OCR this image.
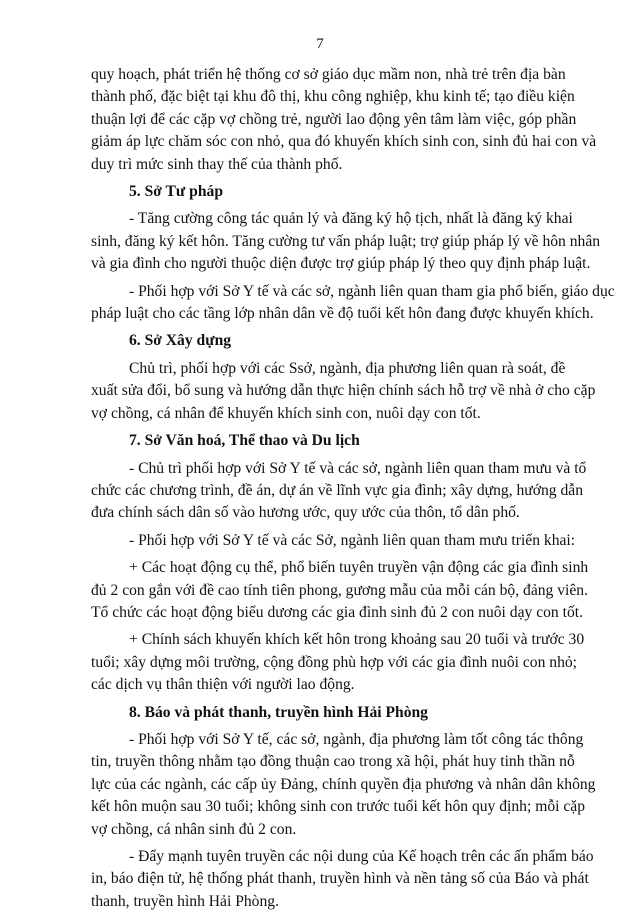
7
quy hoạch, phát triển hệ thống cơ sở giáo dục mầm non, nhà trẻ trên địa bàn
thành phố, đặc biệt tại khu đô thị, khu công nghiệp, khu kinh tế; tạo điều kiện
thuận lợi để các cặp vợ chồng trẻ, người lao động yên tâm làm việc, góp phần
giảm áp lực chăm sóc con nhỏ, qua đó khuyến khích sinh con, sinh đủ hai con và
duy trì mức sinh thay thế của thành phố.
5. Sở Tư pháp
- Tăng cường công tác quản lý và đăng ký hộ tịch, nhất là đăng ký khai
sinh, đăng ký kết hôn. Tăng cường tư vấn pháp luật; trợ giúp pháp lý về hôn nhân
và gia đình cho người thuộc diện được trợ giúp pháp lý theo quy định pháp luật.
- Phối hợp với Sở Y tế và các sở, ngành liên quan tham gia phổ biến, giáo dục
pháp luật cho các tầng lớp nhân dân về độ tuổi kết hôn đang được khuyến khích.
6. Sở Xây dựng
Chủ trì, phối hợp với các Ssở, ngành, địa phương liên quan rà soát, đề
xuất sửa đổi, bổ sung và hướng dẫn thực hiện chính sách hỗ trợ về nhà ở cho cặp
vợ chồng, cá nhân để khuyến khích sinh con, nuôi dạy con tốt.
7. Sở Văn hoá, Thể thao và Du lịch
- Chủ trì phối hợp với Sở Y tế và các sở, ngành liên quan tham mưu và tổ
chức các chương trình, đề án, dự án về lĩnh vực gia đình; xây dựng, hướng dẫn
đưa chính sách dân số vào hương ước, quy ước của thôn, tổ dân phố.
- Phối hợp với Sở Y tế và các Sở, ngành liên quan tham mưu triển khai:
+ Các hoạt động cụ thể, phổ biến tuyên truyền vận động các gia đình sinh
đủ 2 con gắn với đề cao tính tiên phong, gương mẫu của mỗi cán bộ, đảng viên.
Tổ chức các hoạt động biểu dương các gia đình sinh đủ 2 con nuôi dạy con tốt.
+ Chính sách khuyến khích kết hôn trong khoảng sau 20 tuổi và trước 30
tuổi; xây dựng môi trường, cộng đồng phù hợp với các gia đình nuôi con nhỏ;
các dịch vụ thân thiện với người lao động.
8. Báo và phát thanh, truyền hình Hải Phòng
- Phối hợp với Sở Y tế, các sở, ngành, địa phương làm tốt công tác thông
tin, truyền thông nhằm tạo đồng thuận cao trong xã hội, phát huy tinh thần nỗ
lực của các ngành, các cấp ủy Đảng, chính quyền địa phương và nhân dân không
kết hôn muộn sau 30 tuổi; không sinh con trước tuổi kết hôn quy định; mỗi cặp
vợ chồng, cá nhân sinh đủ 2 con.
- Đẩy mạnh tuyên truyền các nội dung của Kế hoạch trên các ấn phẩm báo
in, báo điện tử, hệ thống phát thanh, truyền hình và nền tảng số của Báo và phát
thanh, truyền hình Hải Phòng.
